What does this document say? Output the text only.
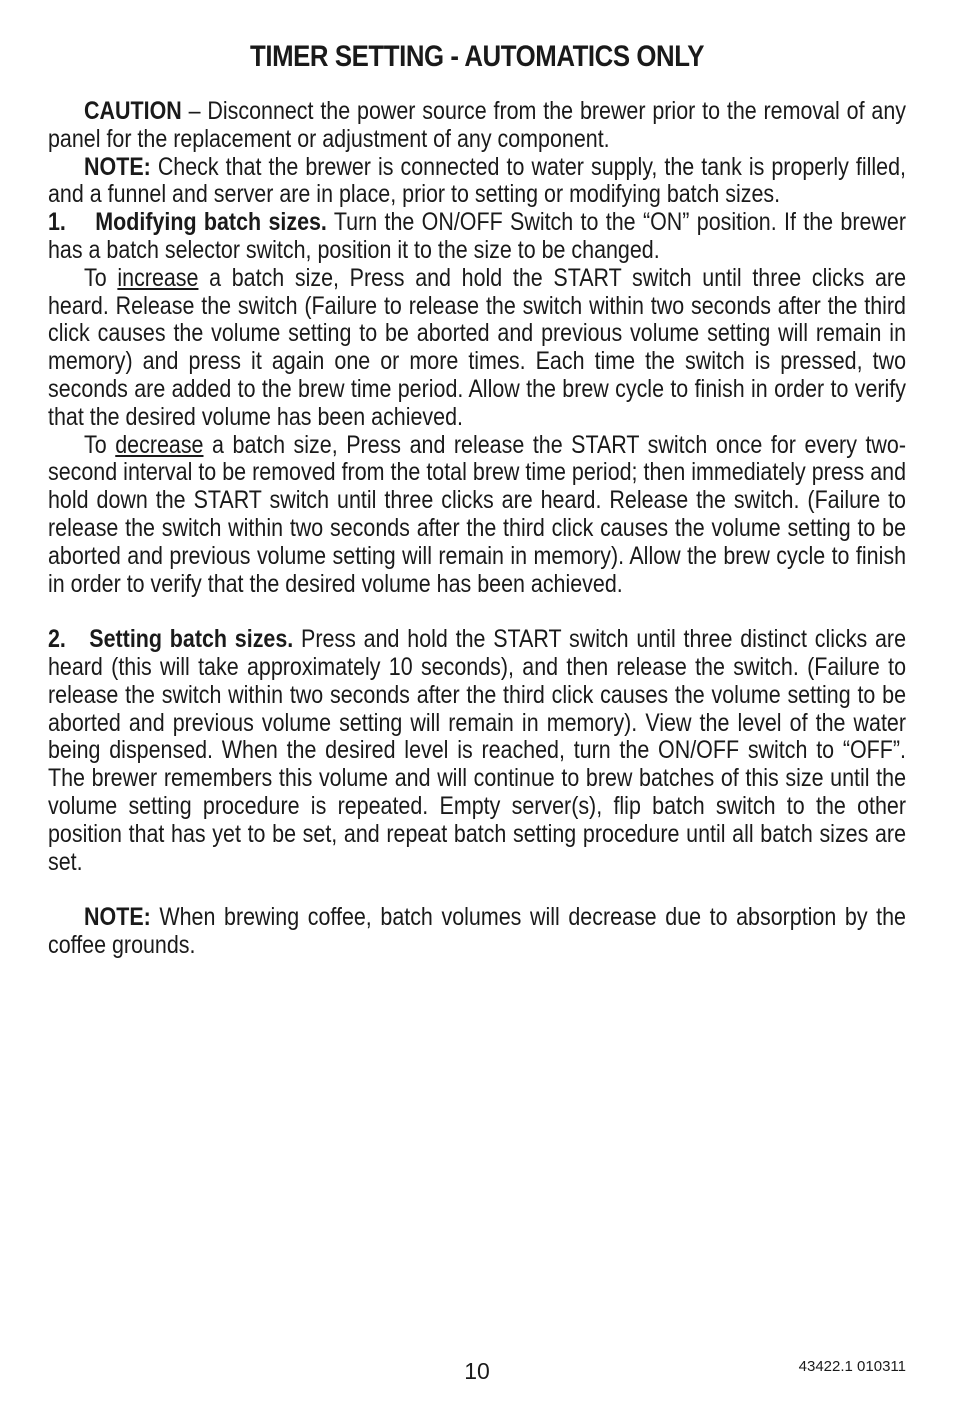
TIMER SETTING - AUTOMATICS ONLY

CAUTION – Disconnect the power source from the brewer prior to the removal of any panel for the replacement or adjustment of any component.

NOTE: Check that the brewer is connected to water supply, the tank is properly filled, and a funnel and server are in place, prior to setting or modifying batch sizes.

1. Modifying batch sizes. Turn the ON/OFF Switch to the “ON” position. If the brewer has a batch selector switch, position it to the size to be changed.

To increase a batch size, Press and hold the START switch until three clicks are heard. Release the switch (Failure to release the switch within two seconds after the third click causes the volume setting to be aborted and previous volume setting will remain in memory) and press it again one or more times. Each time the switch is pressed, two seconds are added to the brew time period. Allow the brew cycle to finish in order to verify that the desired volume has been achieved.

To decrease a batch size, Press and release the START switch once for every two-second interval to be removed from the total brew time period; then immediately press and hold down the START switch until three clicks are heard. Release the switch. (Failure to release the switch within two seconds after the third click causes the volume setting to be aborted and previous volume setting will remain in memory). Allow the brew cycle to finish in order to verify that the desired volume has been achieved.

2. Setting batch sizes. Press and hold the START switch until three distinct clicks are heard (this will take approximately 10 seconds), and then release the switch. (Failure to release the switch within two seconds after the third click causes the volume setting to be aborted and previous volume setting will remain in memory). View the level of the water being dispensed. When the desired level is reached, turn the ON/OFF switch to “OFF”. The brewer remembers this volume and will continue to brew batches of this size until the volume setting procedure is repeated. Empty server(s), flip batch switch to the other position that has yet to be set, and repeat batch setting procedure until all batch sizes are set.

NOTE: When brewing coffee, batch volumes will decrease due to absorption by the coffee grounds.

10	43422.1 010311
